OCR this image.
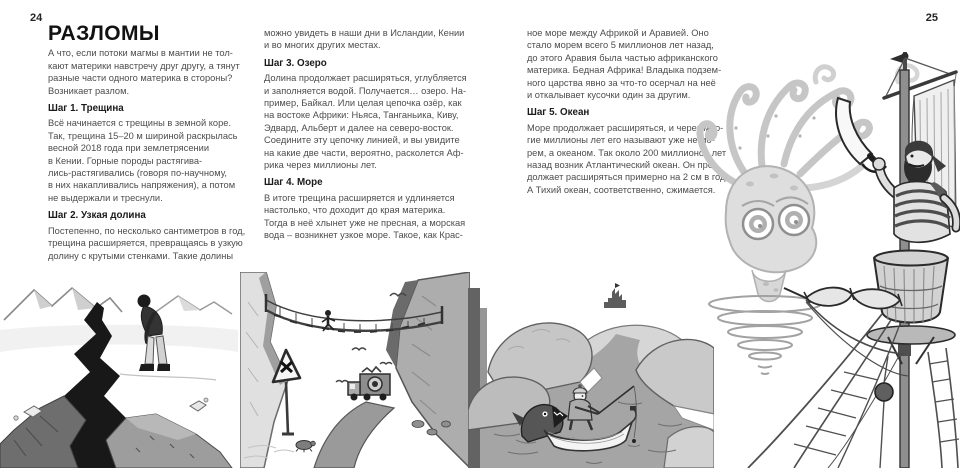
24	25
РАЗЛОМЫ

А что, если потоки магмы в мантии не тол-
кают материки навстречу друг другу, а тянут
разные части одного материка в стороны?
Возникает разлом.

Шаг 1. Трещина

Всё начинается с трещины в земной коре.
Так, трещина 15–20 м шириной раскрылась
весной 2018 года при землетрясении
в Кении. Горные породы растягива-
лись-растягивались (говоря по-научному,
в них накапливались напряжения), а потом
не выдержали и треснули.

Шаг 2. Узкая долина

Постепенно, по несколько сантиметров в год,
трещина расширяется, превращаясь в узкую
долину с крутыми стенками. Такие долины

можно увидеть в наши дни в Исландии, Кении
и во многих других местах.

Шаг 3. Озеро

Долина продолжает расширяться, углубляется
и заполняется водой. Получается… озеро. На-
пример, Байкал. Или целая цепочка озёр, как
на востоке Африки: Ньяса, Танганьика, Киву,
Эдвард, Альберт и далее на северо-восток.
Соедините эту цепочку линией, и вы увидите
на какие две части, вероятно, расколется Аф-
рика через миллионы лет.

Шаг 4. Море

В итоге трещина расширяется и удлиняется
настолько, что доходит до края материка.
Тогда в неё хлынет уже не пресная, а морская
вода – возникнет узкое море. Такое, как Крас-

ное море между Африкой и Аравией. Оно
стало морем всего 5 миллионов лет назад,
до этого Аравия была частью африканского
материка. Бедная Африка! Владыка подзем-
ного царства явно за что-то осерчал на неё
и откалывает кусочки один за другим.

Шаг 5. Океан

Море продолжает расширяться, и через мно-
гие миллионы лет его называют уже не мо-
рем, а океаном. Так около 200 миллионов лет
назад возник Атлантический океан. Он про-
должает расширяться примерно на 2 см в год.
А Тихий океан, соответственно, сжимается.
